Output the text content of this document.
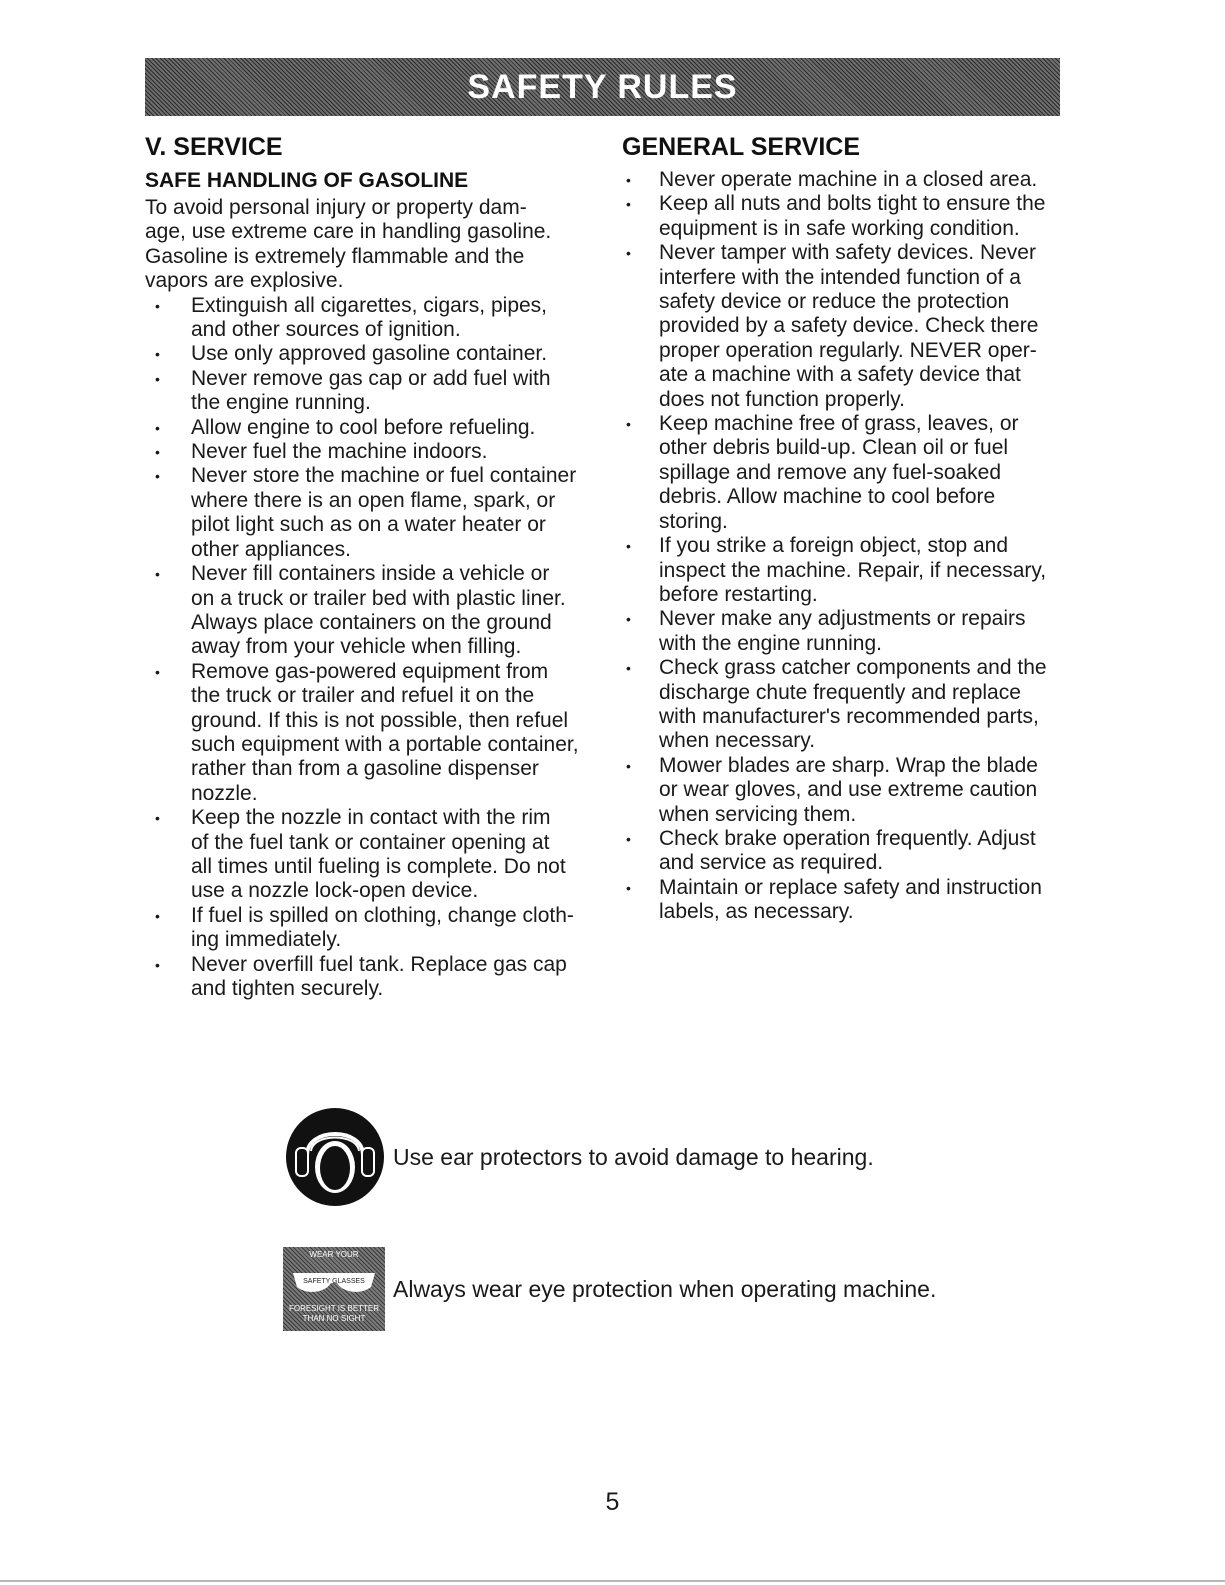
SAFETY RULES
V. SERVICE
SAFE HANDLING OF GASOLINE
To avoid personal injury or property dam-
age, use extreme care in handling gasoline.
Gasoline is extremely flammable and the
vapors are explosive.
• Extinguish all cigarettes, cigars, pipes,
and other sources of ignition.
• Use only approved gasoline container.
• Never remove gas cap or add fuel with
the engine running.
• Allow engine to cool before refueling.
• Never fuel the machine indoors.
• Never store the machine or fuel container
where there is an open flame, spark, or
pilot light such as on a water heater or
other appliances.
• Never fill containers inside a vehicle or
on a truck or trailer bed with plastic liner.
Always place containers on the ground
away from your vehicle when filling.
• Remove gas-powered equipment from
the truck or trailer and refuel it on the
ground. If this is not possible, then refuel
such equipment with a portable container,
rather than from a gasoline dispenser
nozzle.
• Keep the nozzle in contact with the rim
of the fuel tank or container opening at
all times until fueling is complete. Do not
use a nozzle lock-open device.
• If fuel is spilled on clothing, change cloth-
ing immediately.
• Never overfill fuel tank. Replace gas cap
and tighten securely.
GENERAL SERVICE
• Never operate machine in a closed area.
• Keep all nuts and bolts tight to ensure the
equipment is in safe working condition.
• Never tamper with safety devices. Never
interfere with the intended function of a
safety device or reduce the protection
provided by a safety device. Check there
proper operation regularly. NEVER oper-
ate a machine with a safety device that
does not function properly.
• Keep machine free of grass, leaves, or
other debris build-up. Clean oil or fuel
spillage and remove any fuel-soaked
debris. Allow machine to cool before
storing.
• If you strike a foreign object, stop and
inspect the machine. Repair, if necessary,
before restarting.
• Never make any adjustments or repairs
with the engine running.
• Check grass catcher components and the
discharge chute frequently and replace
with manufacturer's recommended parts,
when necessary.
• Mower blades are sharp. Wrap the blade
or wear gloves, and use extreme caution
when servicing them.
• Check brake operation frequently. Adjust
and service as required.
• Maintain or replace safety and instruction
labels, as necessary.
Use ear protectors to avoid damage to hearing.
WEAR YOUR
SAFETY GLASSES
FORESIGHT IS BETTER
THAN NO SIGHT
Always wear eye protection when operating machine.
5
